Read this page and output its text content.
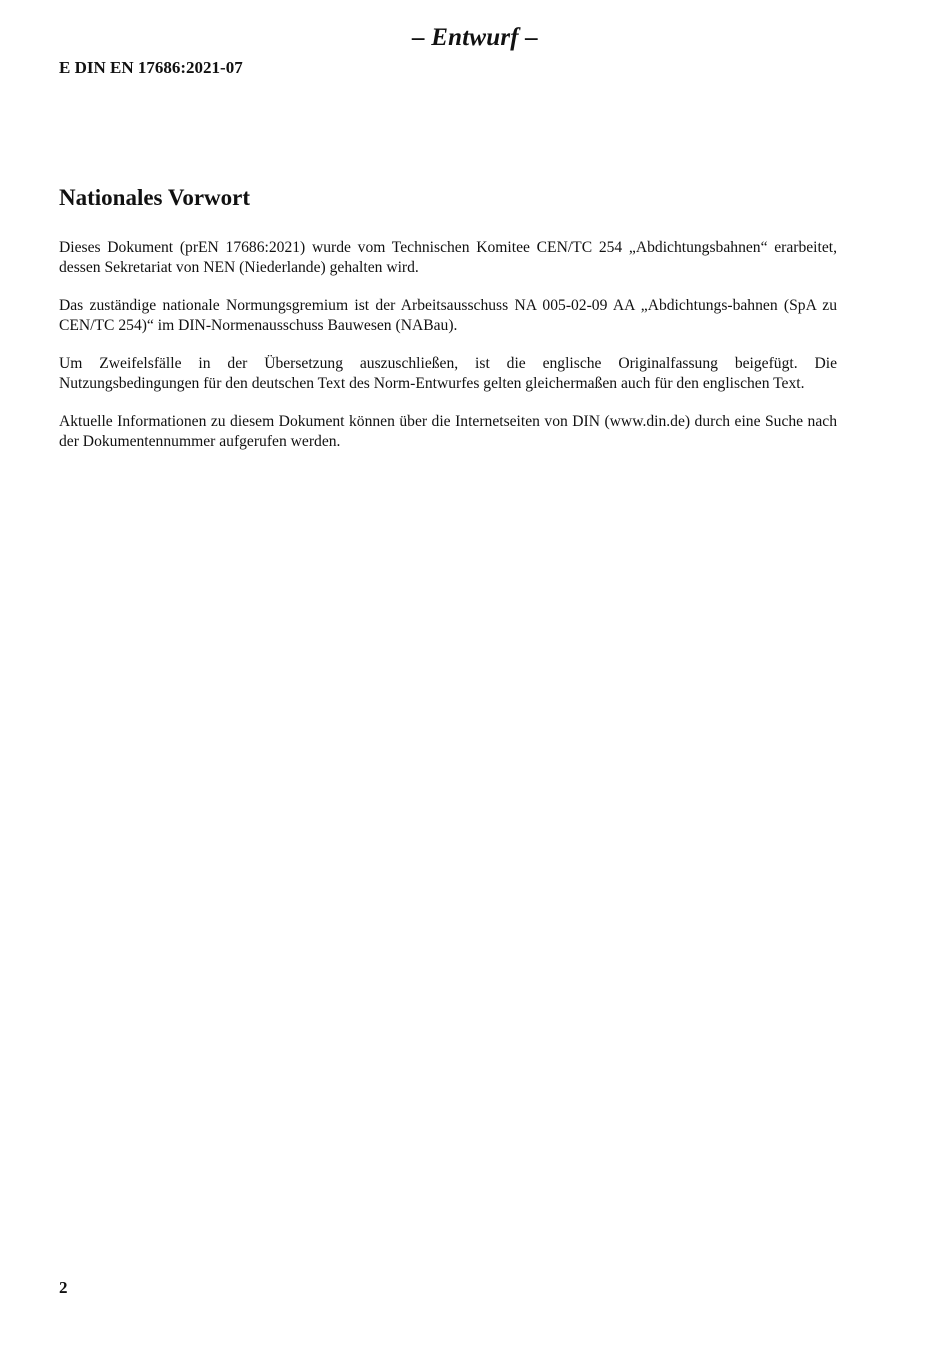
– Entwurf –
E DIN EN 17686:2021-07
Nationales Vorwort

Dieses Dokument (prEN 17686:2021) wurde vom Technischen Komitee CEN/TC 254 „Abdichtungsbahnen“ erarbeitet, dessen Sekretariat von NEN (Niederlande) gehalten wird.

Das zuständige nationale Normungsgremium ist der Arbeitsausschuss NA 005-02-09 AA „Abdichtungs-bahnen (SpA zu CEN/TC 254)“ im DIN-Normenausschuss Bauwesen (NABau).

Um Zweifelsfälle in der Übersetzung auszuschließen, ist die englische Originalfassung beigefügt. Die Nutzungsbedingungen für den deutschen Text des Norm-Entwurfes gelten gleichermaßen auch für den englischen Text.

Aktuelle Informationen zu diesem Dokument können über die Internetseiten von DIN (www.din.de) durch eine Suche nach der Dokumentennummer aufgerufen werden.

2
